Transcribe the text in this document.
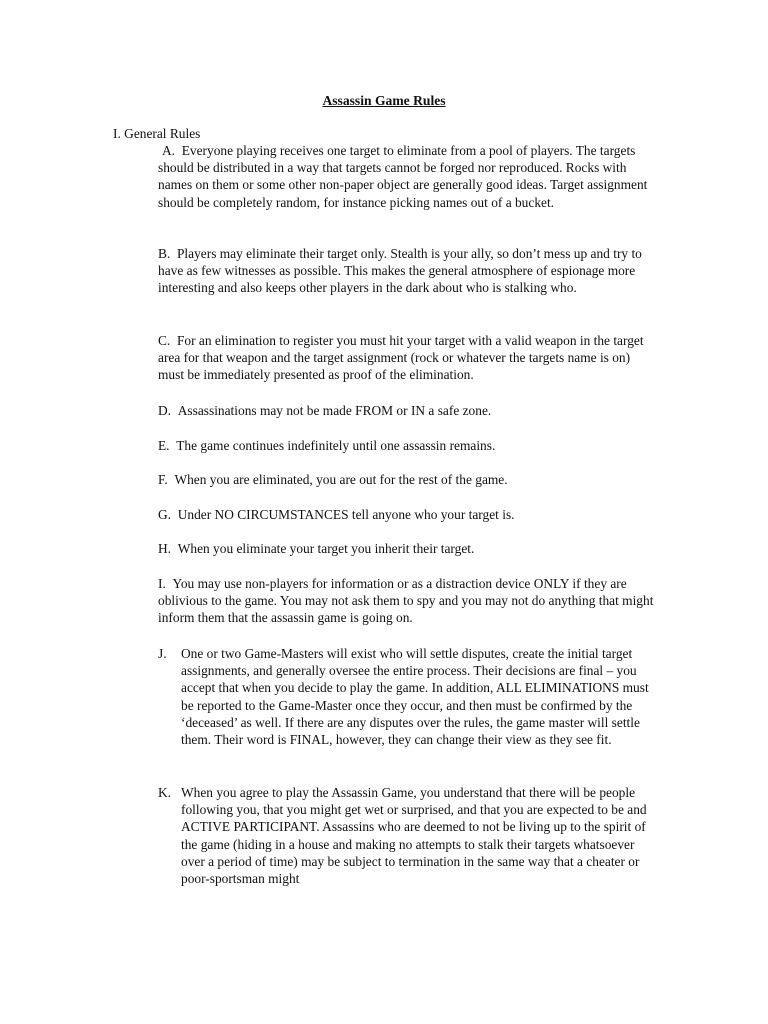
Assassin Game Rules
I. General Rules

A. Everyone playing receives one target to eliminate from a pool of players. The targets should be distributed in a way that targets cannot be forged nor reproduced. Rocks with names on them or some other non-paper object are generally good ideas. Target assignment should be completely random, for instance picking names out of a bucket.

B. Players may eliminate their target only. Stealth is your ally, so don’t mess up and try to have as few witnesses as possible. This makes the general atmosphere of espionage more interesting and also keeps other players in the dark about who is stalking who.

C. For an elimination to register you must hit your target with a valid weapon in the target area for that weapon and the target assignment (rock or whatever the targets name is on) must be immediately presented as proof of the elimination.

D. Assassinations may not be made FROM or IN a safe zone.

E. The game continues indefinitely until one assassin remains.

F. When you are eliminated, you are out for the rest of the game.

G. Under NO CIRCUMSTANCES tell anyone who your target is.

H. When you eliminate your target you inherit their target.

I. You may use non-players for information or as a distraction device ONLY if they are oblivious to the game. You may not ask them to spy and you may not do anything that might inform them that the assassin game is going on.

J. One or two Game-Masters will exist who will settle disputes, create the initial target assignments, and generally oversee the entire process. Their decisions are final – you accept that when you decide to play the game. In addition, ALL ELIMINATIONS must be reported to the Game-Master once they occur, and then must be confirmed by the ‘deceased’ as well. If there are any disputes over the rules, the game master will settle them. Their word is FINAL, however, they can change their view as they see fit.
K. When you agree to play the Assassin Game, you understand that there will be people following you, that you might get wet or surprised, and that you are expected to be and ACTIVE PARTICIPANT. Assassins who are deemed to not be living up to the spirit of the game (hiding in a house and making no attempts to stalk their targets whatsoever over a period of time) may be subject to termination in the same way that a cheater or poor-sportsman might
